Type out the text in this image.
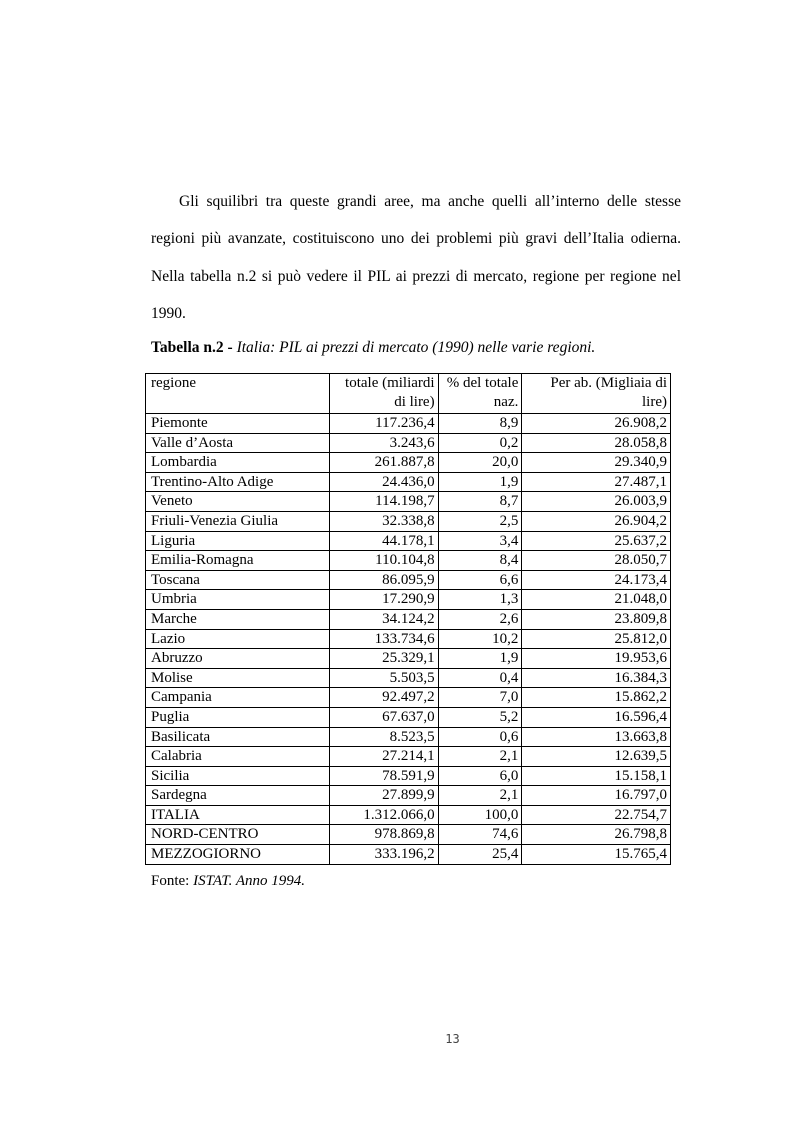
Gli squilibri tra queste grandi aree, ma anche quelli all’interno delle stesse regioni più avanzate, costituiscono uno dei problemi più gravi dell’Italia odierna. Nella tabella n.2 si può vedere il PIL ai prezzi di mercato, regione per regione nel 1990.

Tabella n.2 - Italia: PIL ai prezzi di mercato (1990) nelle varie regioni.

regione	totale (miliardi di lire)	% del totale naz.	Per ab. (Migliaia di lire)
Piemonte	117.236,4	8,9	26.908,2
Valle d’Aosta	3.243,6	0,2	28.058,8
Lombardia	261.887,8	20,0	29.340,9
Trentino-Alto Adige	24.436,0	1,9	27.487,1
Veneto	114.198,7	8,7	26.003,9
Friuli-Venezia Giulia	32.338,8	2,5	26.904,2
Liguria	44.178,1	3,4	25.637,2
Emilia-Romagna	110.104,8	8,4	28.050,7
Toscana	86.095,9	6,6	24.173,4
Umbria	17.290,9	1,3	21.048,0
Marche	34.124,2	2,6	23.809,8
Lazio	133.734,6	10,2	25.812,0
Abruzzo	25.329,1	1,9	19.953,6
Molise	5.503,5	0,4	16.384,3
Campania	92.497,2	7,0	15.862,2
Puglia	67.637,0	5,2	16.596,4
Basilicata	8.523,5	0,6	13.663,8
Calabria	27.214,1	2,1	12.639,5
Sicilia	78.591,9	6,0	15.158,1
Sardegna	27.899,9	2,1	16.797,0
ITALIA	1.312.066,0	100,0	22.754,7
NORD-CENTRO	978.869,8	74,6	26.798,8
MEZZOGIORNO	333.196,2	25,4	15.765,4

Fonte: ISTAT. Anno 1994.

13
